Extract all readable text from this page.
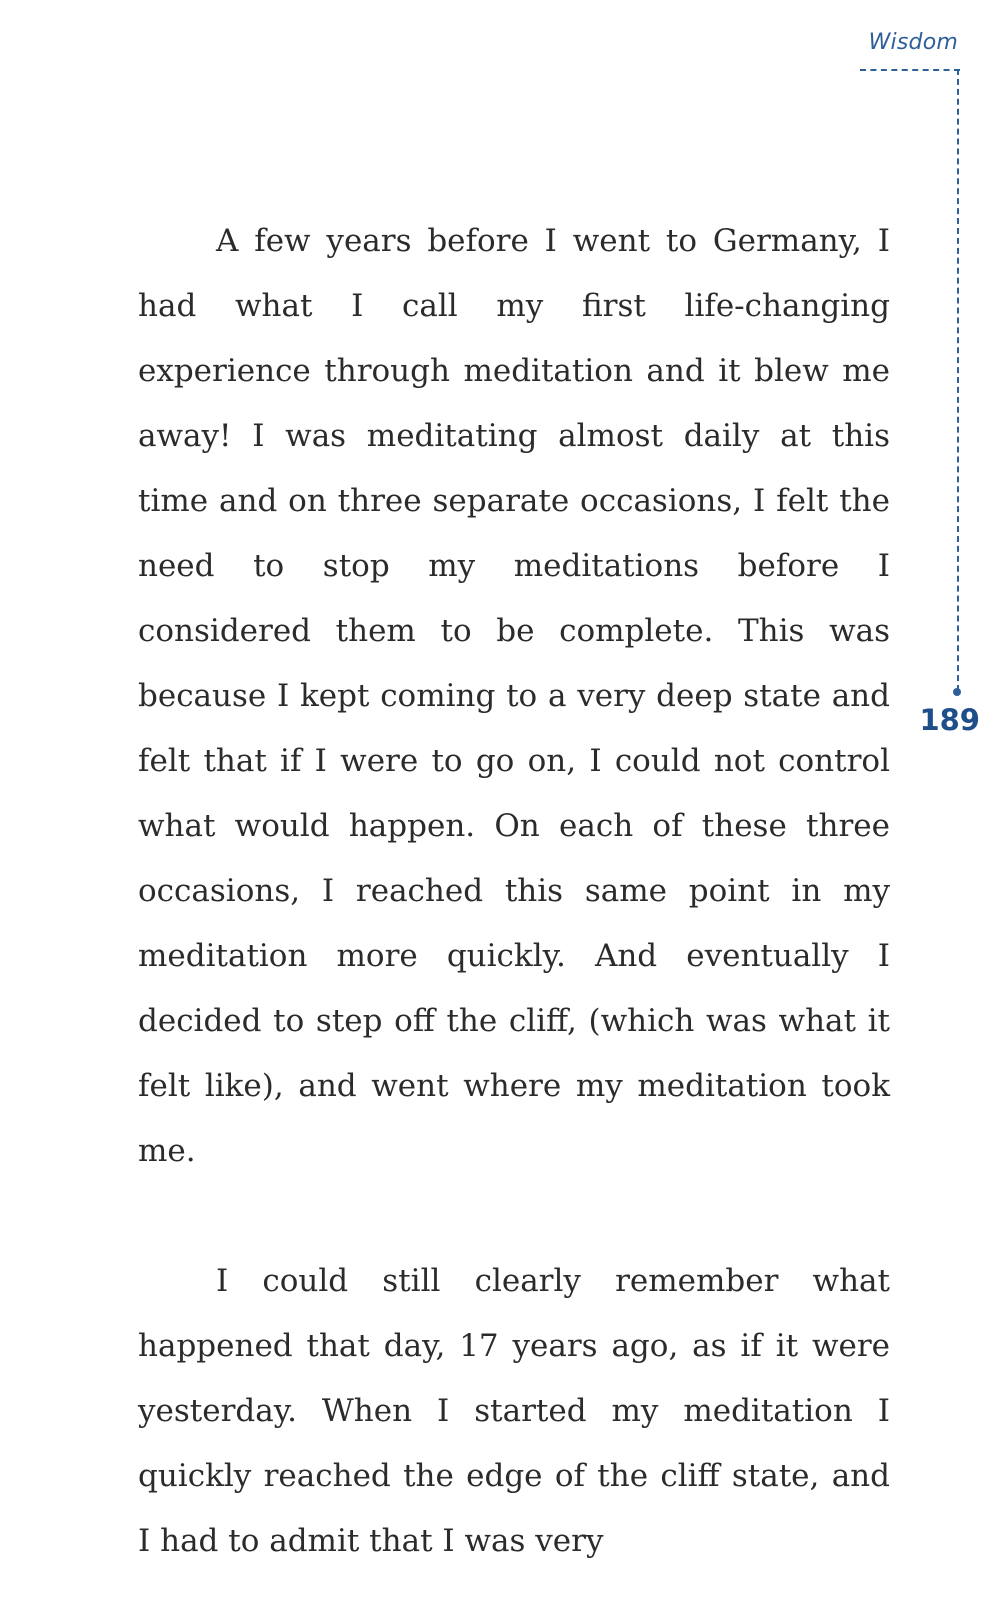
Wisdom
189

A few years before I went to Germany, I had what I call my first life-changing experience through meditation and it blew me away! I was meditating almost daily at this time and on three separate occasions, I felt the need to stop my meditations before I considered them to be complete. This was because I kept coming to a very deep state and felt that if I were to go on, I could not control what would happen. On each of these three occasions, I reached this same point in my meditation more quickly. And eventually I decided to step off the cliff, (which was what it felt like), and went where my meditation took me.

I could still clearly remember what happened that day, 17 years ago, as if it were yesterday. When I started my meditation I quickly reached the edge of the cliff state, and I had to admit that I was very
